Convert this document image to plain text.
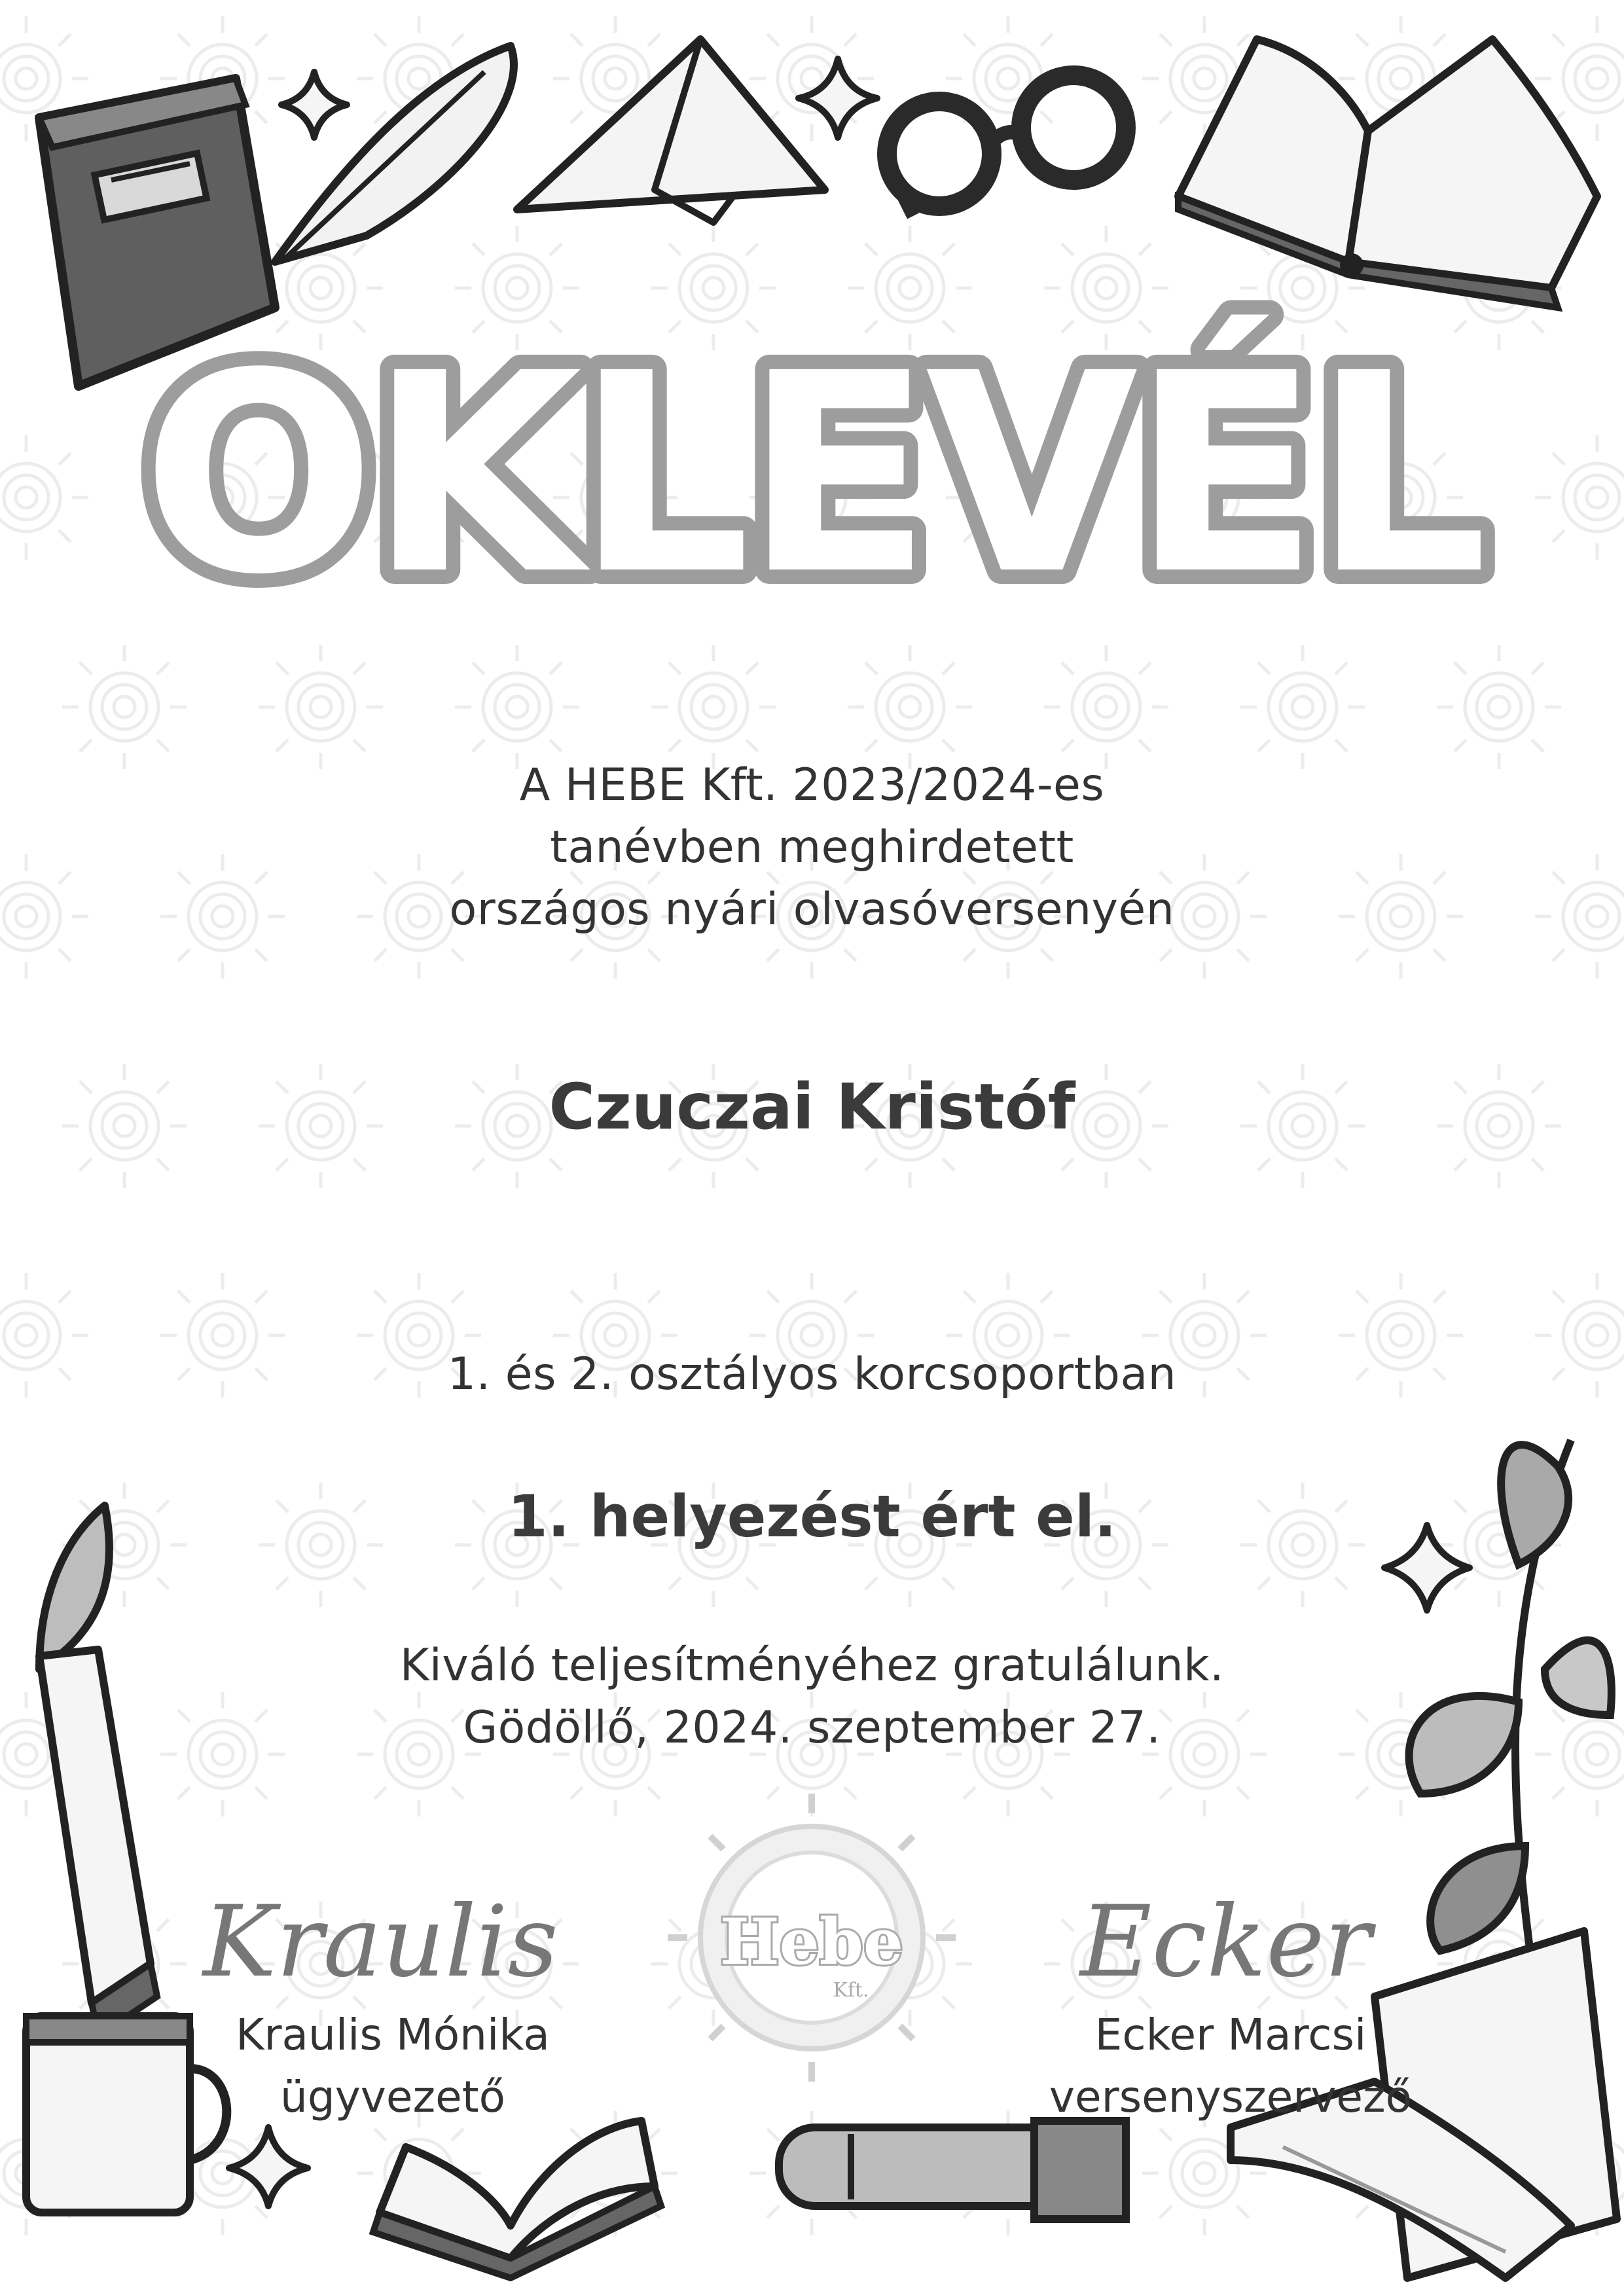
OKLEVÉL
Hebe
Kft.
A HEBE Kft. 2023/2024-es
tanévben meghirdetett
országos nyári olvasóversenyén
Czuczai Kristóf
1. és 2. osztályos korcsoportban
1. helyezést ért el.
Kiváló teljesítményéhez gratulálunk.
Gödöllő, 2024. szeptember 27.
Kraulis
Kraulis Mónika
ügyvezető
Ecker
Ecker Marcsi
versenyszervező
